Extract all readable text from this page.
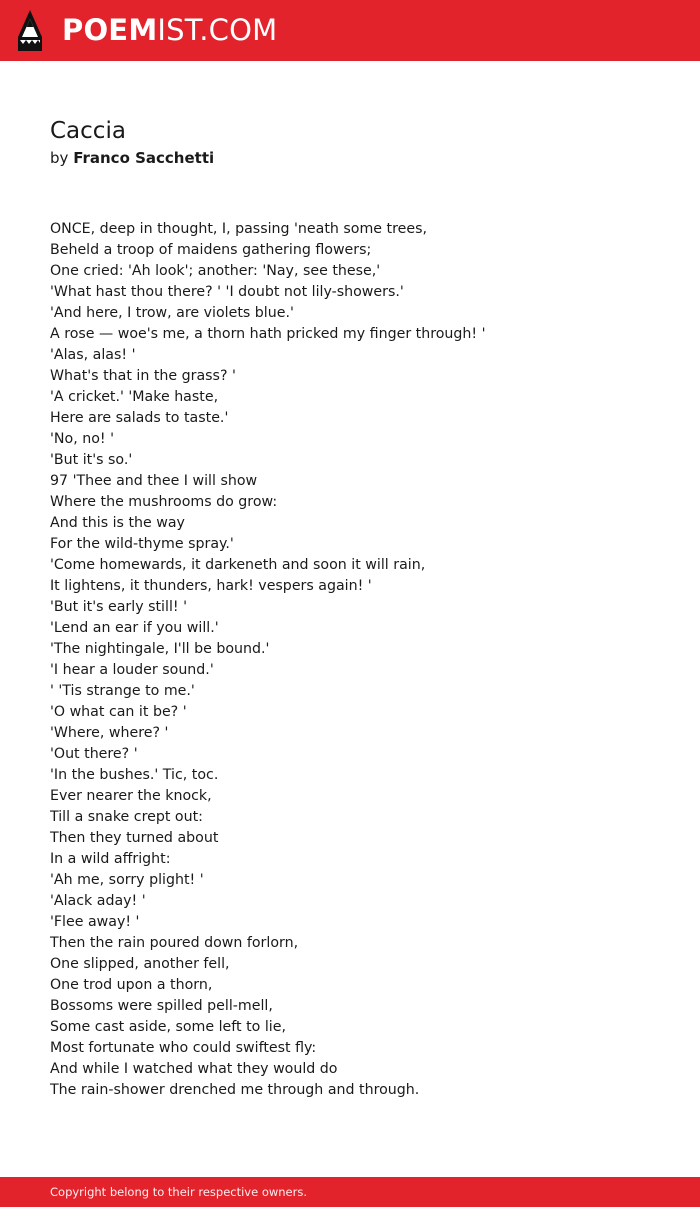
POEMIST.COM
Caccia
by Franco Sacchetti
ONCE, deep in thought, I, passing 'neath some trees,
Beheld a troop of maidens gathering flowers;
One cried: 'Ah look'; another: 'Nay, see these,'
'What hast thou there? ' 'I doubt not lily-showers.'
'And here, I trow, are violets blue.'
A rose — woe's me, a thorn hath pricked my finger through! '
'Alas, alas! '
What's that in the grass? '
'A cricket.' 'Make haste,
Here are salads to taste.'
'No, no! '
'But it's so.'
97 'Thee and thee I will show
Where the mushrooms do grow:
And this is the way
For the wild-thyme spray.'
'Come homewards, it darkeneth and soon it will rain,
It lightens, it thunders, hark! vespers again! '
'But it's early still! '
'Lend an ear if you will.'
'The nightingale, I'll be bound.'
'I hear a louder sound.'
' 'Tis strange to me.'
'O what can it be? '
'Where, where? '
'Out there? '
'In the bushes.' Tic, toc.
Ever nearer the knock,
Till a snake crept out:
Then they turned about
In a wild affright:
'Ah me, sorry plight! '
'Alack aday! '
'Flee away! '
Then the rain poured down forlorn,
One slipped, another fell,
One trod upon a thorn,
Bossoms were spilled pell-mell,
Some cast aside, some left to lie,
Most fortunate who could swiftest fly:
And while I watched what they would do
The rain-shower drenched me through and through.
Copyright belong to their respective owners.
